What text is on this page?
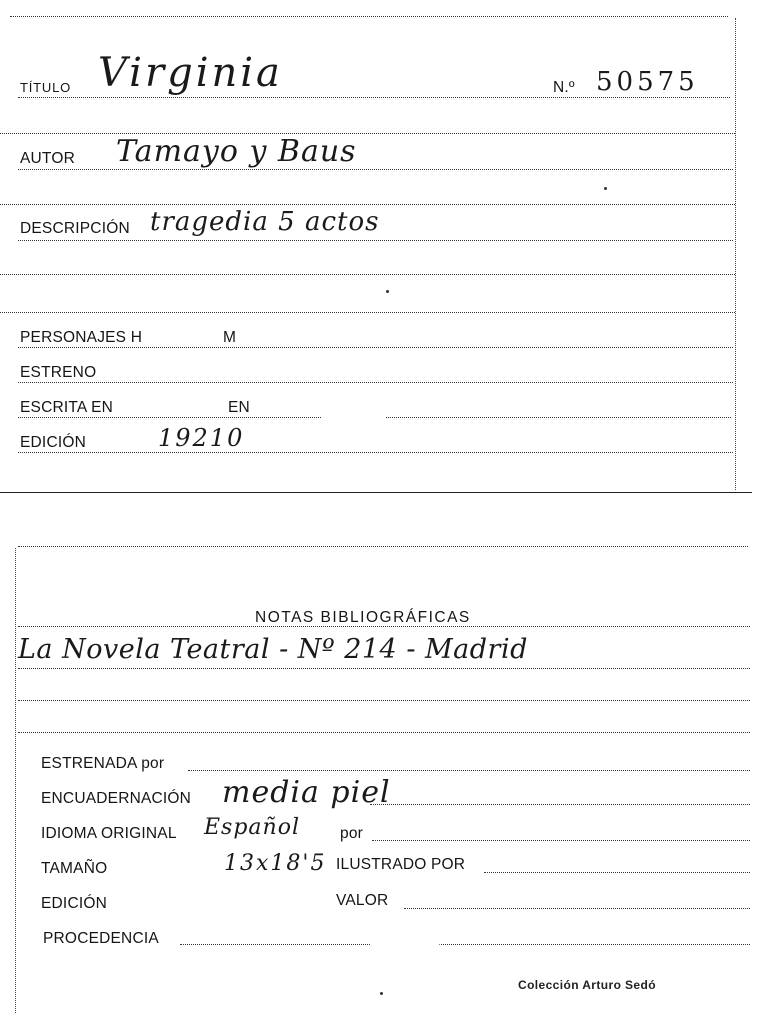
TÍTULO Virginia	N.º 50575
AUTOR Tamayo y Baus
DESCRIPCIÓN tragedia 5 actos
PERSONAJES H	M
ESTRENO
ESCRITA EN	EN
EDICIÓN	19210
NOTAS BIBLIOGRÁFICAS
La Novela Teatral - Nº 214 - Madrid
ESTRENADA por
ENCUADERNACIÓN media piel
IDIOMA ORIGINAL Español	por
TAMAÑO	13x18'5 ILUSTRADO POR
EDICIÓN	VALOR
PROCEDENCIA
Colección Arturo Sedó
